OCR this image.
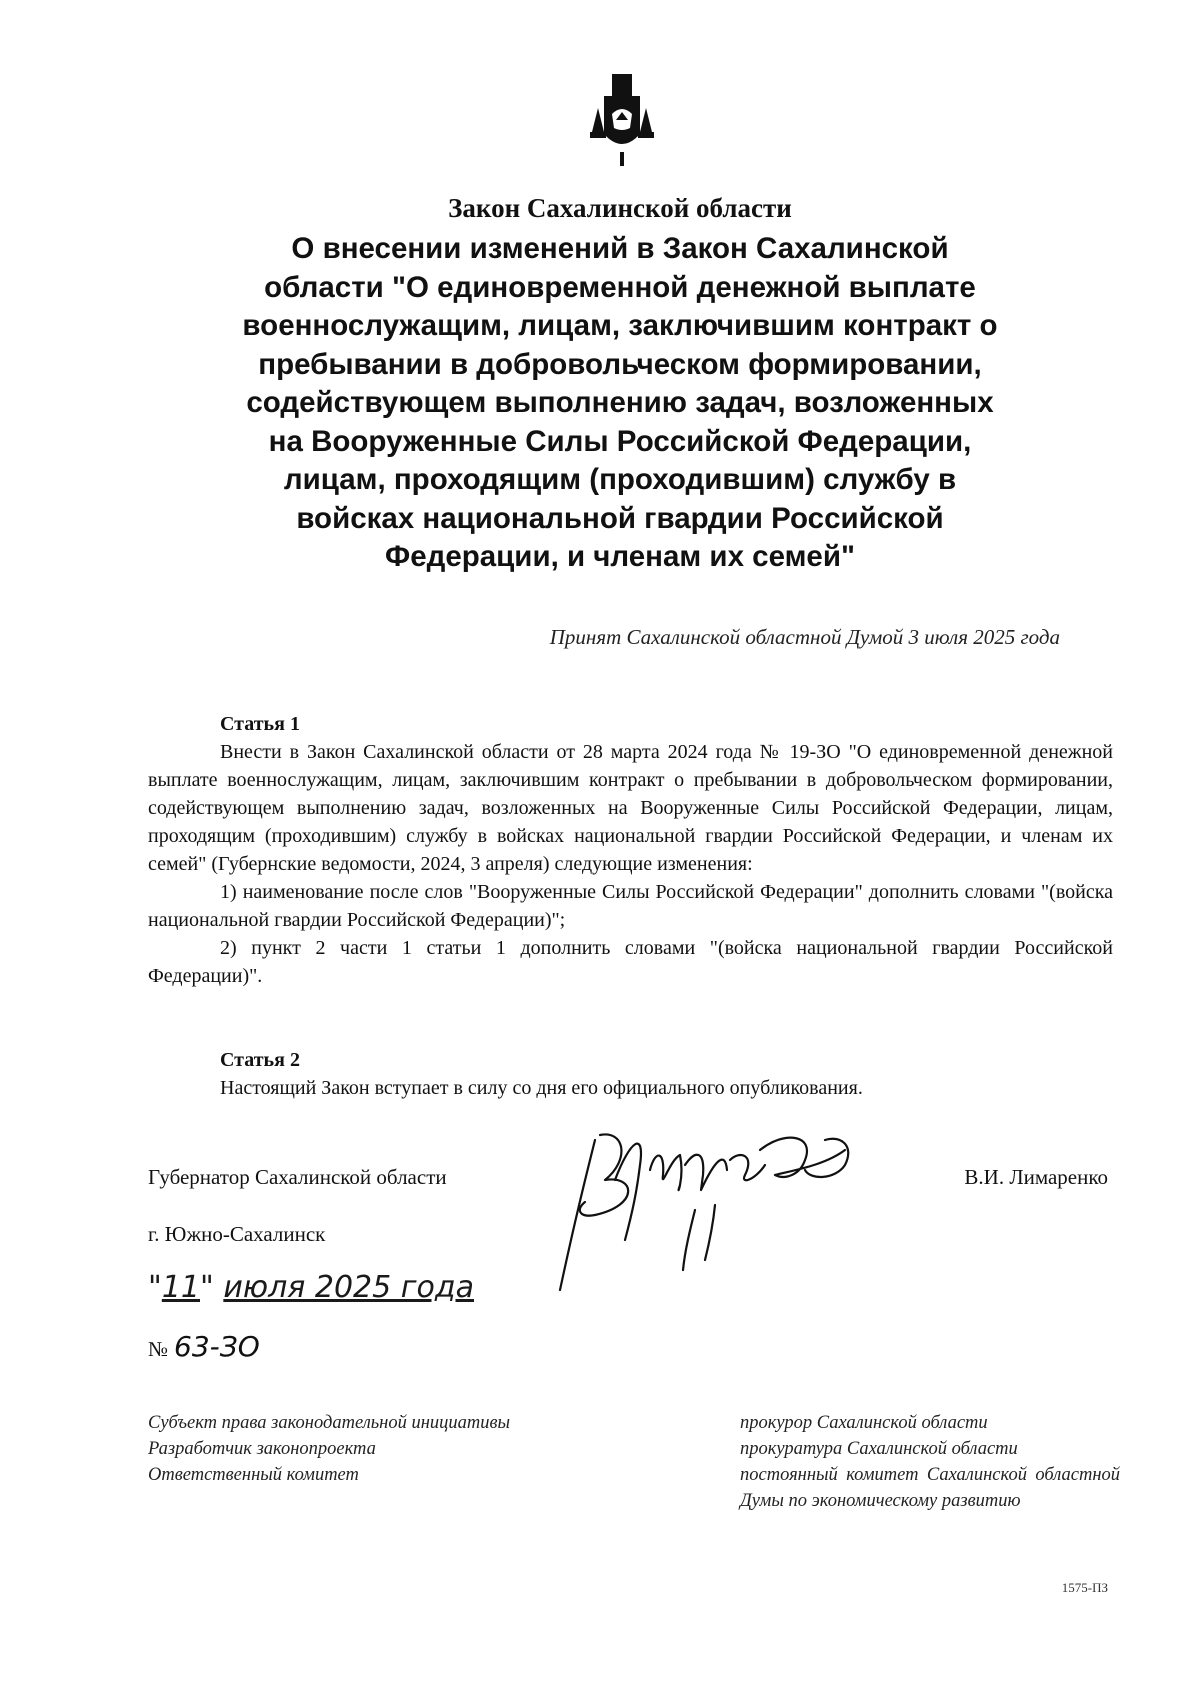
Закон Сахалинской области
О внесении изменений в Закон Сахалинской
области "О единовременной денежной выплате
военнослужащим, лицам, заключившим контракт о
пребывании в добровольческом формировании,
содействующем выполнению задач, возложенных
на Вооруженные Силы Российской Федерации,
лицам, проходящим (проходившим) службу в
войсках национальной гвардии Российской
Федерации, и членам их семей"
Принят Сахалинской областной Думой 3 июля 2025 года
Статья 1

Внести в Закон Сахалинской области от 28 марта 2024 года № 19-ЗО "О единовременной денежной выплате военнослужащим, лицам, заключившим контракт о пребывании в добровольческом формировании, содействующем выполнению задач, возложенных на Вооруженные Силы Российской Федерации, лицам, проходящим (проходившим) службу в войсках национальной гвардии Российской Федерации, и членам их семей" (Губернские ведомости, 2024, 3 апреля) следующие изменения:

1) наименование после слов "Вооруженные Силы Российской Федерации" дополнить словами "(войска национальной гвардии Российской Федерации)";

2) пункт 2 части 1 статьи 1 дополнить словами "(войска национальной гвардии Российской Федерации)".

Статья 2

Настоящий Закон вступает в силу со дня его официального опубликования.

Губернатор Сахалинской области	В.И. Лимаренко
г. Южно-Сахалинск
"11" июля 2025 года
№ 63-ЗО

Субъект права законодательной инициативы

Разработчик законопроекта

Ответственный комитет

прокурор Сахалинской области

прокуратура Сахалинской области

постоянный комитет Сахалинской областной Думы по экономическому развитию

1575-ПЗ
